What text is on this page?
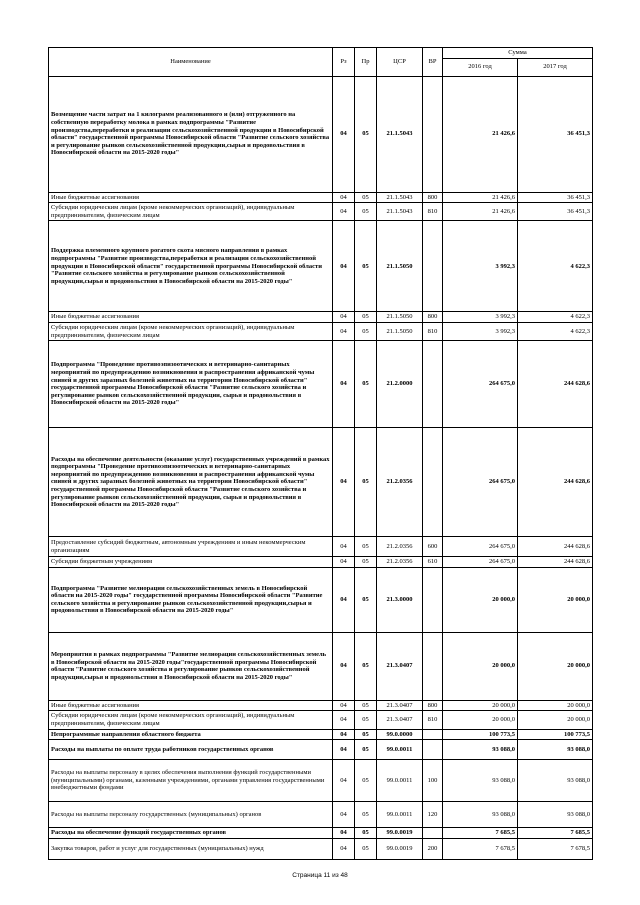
Наименование	Рз	Пр	ЦСР	ВР	Сумма	
					2016 год	2017 год
Возмещение части затрат на 1 килограмм реализованного и (или) отгруженного на собственную переработку молока в рамках подпрограммы "Развитие производства,переработки и реализации сельскохозяйственной продукции в Новосибирской области" государственной программы Новосибирской области "Развитие сельского хозяйства и регулирование рынков сельскохозяйственной продукции,сырья и продовольствия в Новосибирской области на 2015-2020 годы"	04	05	21.1.5043		21 426,6	36 451,3
Иные бюджетные ассигнования	04	05	21.1.5043	800	21 426,6	36 451,3
Субсидии юридическим лицам (кроме некоммерческих организаций), индивидуальным предпринимателям, физическим лицам	04	05	21.1.5043	810	21 426,6	36 451,3
Поддержка племенного крупного рогатого скота мясного направления в рамках подпрограммы "Развитие производства,переработки и реализации сельскохозяйственной продукции в Новосибирской области" государственной программы Новосибирской области "Развитие сельского хозяйства и регулирование рынков сельскохозяйственной продукции,сырья и продовольствия в Новосибирской области на 2015-2020 годы"	04	05	21.1.5050		3 992,3	4 622,3
Иные бюджетные ассигнования	04	05	21.1.5050	800	3 992,3	4 622,3
Субсидии юридическим лицам (кроме некоммерческих организаций), индивидуальным предпринимателям, физическим лицам	04	05	21.1.5050	810	3 992,3	4 622,3
Подпрограмма "Проведение противоэпизоотических и ветеринарно-санитарных мероприятий по предупреждению возникновения и распространения африканской чумы свиней и других заразных болезней животных на территории Новосибирской области" государственной программы Новосибирской области "Развитие сельского хозяйства и регулирование рынков сельскохозяйственной продукции, сырья и продовольствия в Новосибирской области на 2015-2020 годы"	04	05	21.2.0000		264 675,0	244 628,6
Расходы на обеспечение деятельности (оказание услуг) государственных учреждений в рамках подпрограммы "Проведение противоэпизоотических и ветеринарно-санитарных мероприятий по предупреждению возникновения и распространения африканской чумы свиней и других заразных болезней животных на территории Новосибирской области" государственной программы Новосибирской области "Развитие сельского хозяйства и регулирование рынков сельскохозяйственной продукции, сырья и продовольствия в Новосибирской области на 2015-2020 годы"	04	05	21.2.0356		264 675,0	244 628,6
Предоставление субсидий бюджетным, автономным учреждениям и иным некоммерческим организациям	04	05	21.2.0356	600	264 675,0	244 628,6
Субсидии бюджетным учреждениям	04	05	21.2.0356	610	264 675,0	244 628,6
Подпрограмма "Развитие мелиорации сельскохозяйственных земель в Новосибирской области на 2015-2020 годы" государственной программы Новосибирской области "Развитие сельского хозяйства и регулирование рынков сельскохозяйственной продукции,сырья и продовольствия в Новосибирской области на 2015-2020 годы"	04	05	21.3.0000		20 000,0	20 000,0
Мероприятия в рамках подпрограммы "Развитие мелиорации сельскохозяйственных земель в Новосибирской области на 2015-2020 годы"государственной программы Новосибирской области "Развитие сельского хозяйства и регулирование рынков сельскохозяйственной продукции,сырья и продовольствия в Новосибирской области на 2015-2020 годы"	04	05	21.3.0407		20 000,0	20 000,0
Иные бюджетные ассигнования	04	05	21.3.0407	800	20 000,0	20 000,0
Субсидии юридическим лицам (кроме некоммерческих организаций), индивидуальным предпринимателям, физическим лицам	04	05	21.3.0407	810	20 000,0	20 000,0
Непрограммные направления областного бюджета	04	05	99.0.0000		100 773,5	100 773,5
Расходы на выплаты по оплате труда работников государственных органов	04	05	99.0.0011		93 088,0	93 088,0
Расходы на выплаты персоналу в целях обеспечения выполнения функций государственными (муниципальными) органами, казенными учреждениями, органами управления государственными внебюджетными фондами	04	05	99.0.0011	100	93 088,0	93 088,0
Расходы на выплаты персоналу государственных (муниципальных) органов	04	05	99.0.0011	120	93 088,0	93 088,0
Расходы на обеспечение функций государственных органов	04	05	99.0.0019		7 685,5	7 685,5
Закупка товаров, работ и услуг для государственных (муниципальных) нужд	04	05	99.0.0019	200	7 678,5	7 678,5
Страница 11 из 48
